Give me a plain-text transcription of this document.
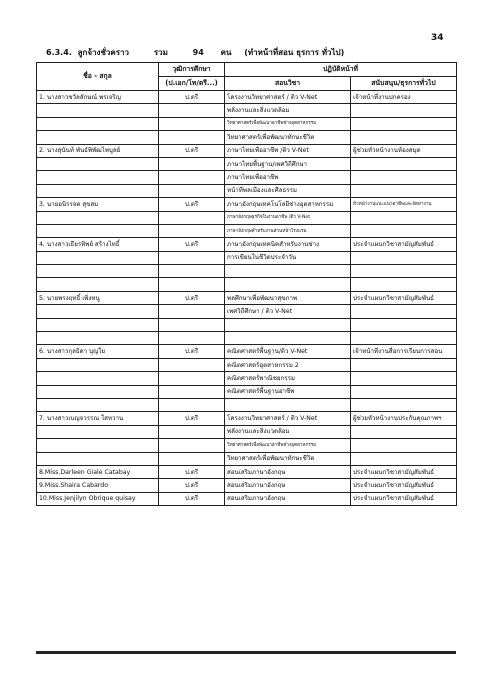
34
6.3.4. ลูกจ้างชั่วคราว	รวม	94 คน (ทำหน้าที่สอน ธุรการ ทั่วไป)
ชื่อ - สกุล	วุฒิการศึกษา	ปฏิบัติหน้าที่	
	(ป.เอก/โท/ตรี...)	สอนวิชา	สนับสนุน/ธุรการทั่วไป
1. นางสาวชวัลลักษณ์ พรเจริญ	ป.ตรี	โครงงานวิทยาศาสตร์ / ติว V-Net	เจ้าหน้าที่งานปกครอง
		พลังงานและสิ่งแวดล้อม	
		วิทยาศาสตร์เพื่อพัฒนาอาชีพช่างอุตสาหกรรม	
		วิทยาศาสตร์เพื่อพัฒนาทักษะชีวิต	
2. นางสุนันท์ พันธ์พิพัฒไพบูลย์	ป.ตรี	ภาษาไทยเพื่ออาชีพ /ติว V-Net	ผู้ช่วยหัวหน้างานห้องสมุด
		ภาษาไทยพื้นฐาน/เพศวิถีศึกษา	
		ภาษาไทยเพื่ออาชีพ	
		หน้าที่พลเมืองและศีลธรรม	
3. นายอนิรรจต สุขสม	ป.ตรี	ภาษาอังกฤษเทคโนโลยีช่างอุตสาหกรรม	หัวหน้างานแนะแนวอาชีพและจัดหางาน
		ภาษาอังกฤษธุรกิจในงานอาชีพ /ติว V-Net	
		ภาษาอังกฤษสำหรับงานส่วนหน้าโรงแรม	
4. นางสาวเธียรทิพย์ สร้างไทธิ์	ป.ตรี	ภาษาอังกฤษเทคนิคสำหรับงานช่าง	ประจำแผนกวิชาสามัญสัมพันธ์
		การเขียนในชีวิตประจำวัน	

5. นายพรงฤทธิ์ เพิ่งหนู	ป.ตรี	พลศึกษาเพื่อพัฒนาสุขภาพ	ประจำแผนกวิชาสามัญสัมพันธ์
		เพศวิถีศึกษา / ติว V-Net	

6. นางสาวกุลธิดา บุญใย	ป.ตรี	คณิตศาสตร์พื้นฐาน/ติว V-Net	เจ้าหน้าที่งานสื่อการเรียนการสอน
		คณิตศาสตร์อุตสาหกรรม 2	
		คณิตศาสตร์พาณิชยกรรม	
		คณิตศาสตร์พื้นฐานอาชีพ	

7. นางสาวเบญจวรรณ ใสหวาน	ป.ตรี	โครงงานวิทยาศาสตร์ / ติว V-Net	ผู้ช่วยหัวหน้างานประกันคุณภาพฯ
		พลังงานและสิ่งแวดล้อม	
		วิทยาศาสตร์เพื่อพัฒนาอาชีพช่างอุตสาหกรรม	
		วิทยาศาสตร์เพื่อพัฒนาทักษะชีวิต	
8.Miss.Darleen Giale Catabay	ป.ตรี	สอนเสริมภาษาอังกฤษ	ประจำแผนกวิชาสามัญสัมพันธ์
9.Miss.Shaira Cabardo	ป.ตรี	สอนเสริมภาษาอังกฤษ	ประจำแผนกวิชาสามัญสัมพันธ์
10.Miss.Jenjilyn Obrique quisay	ป.ตรี	สอนเสริมภาษาอังกฤษ	ประจำแผนกวิชาสามัญสัมพันธ์
